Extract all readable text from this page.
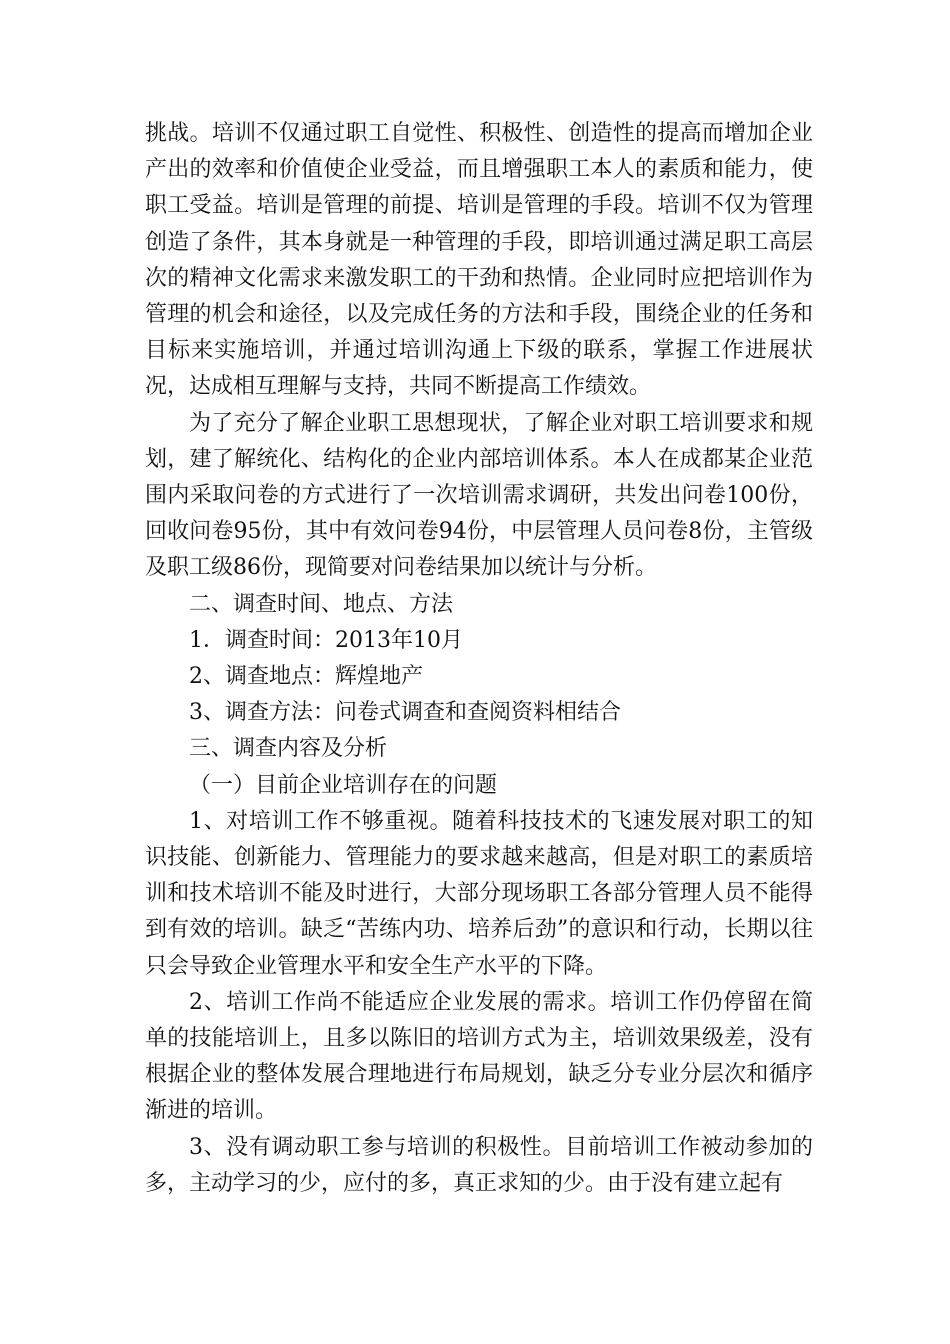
挑战。培训不仅通过职工自觉性、积极性、创造性的提高而增加企业产出的效率和价值使企业受益，而且增强职工本人的素质和能力，使职工受益。培训是管理的前提、培训是管理的手段。培训不仅为管理创造了条件，其本身就是一种管理的手段，即培训通过满足职工高层次的精神文化需求来激发职工的干劲和热情。企业同时应把培训作为管理的机会和途径，以及完成任务的方法和手段，围绕企业的任务和目标来实施培训，并通过培训沟通上下级的联系，掌握工作进展状况，达成相互理解与支持，共同不断提高工作绩效。

为了充分了解企业职工思想现状，了解企业对职工培训要求和规划，建了解统化、结构化的企业内部培训体系。本人在成都某企业范围内采取问卷的方式进行了一次培训需求调研，共发出问卷100份，回收问卷95份，其中有效问卷94份，中层管理人员问卷8份，主管级及职工级86份，现简要对问卷结果加以统计与分析。

二、调查时间、地点、方法

1．调查时间：2013年10月

2、调查地点：辉煌地产

3、调查方法：问卷式调查和查阅资料相结合

三、调查内容及分析

（一）目前企业培训存在的问题

1、对培训工作不够重视。随着科技技术的飞速发展对职工的知识技能、创新能力、管理能力的要求越来越高，但是对职工的素质培训和技术培训不能及时进行，大部分现场职工各部分管理人员不能得到有效的培训。缺乏“苦练内功、培养后劲”的意识和行动，长期以往只会导致企业管理水平和安全生产水平的下降。

2、培训工作尚不能适应企业发展的需求。培训工作仍停留在简单的技能培训上，且多以陈旧的培训方式为主，培训效果级差，没有根据企业的整体发展合理地进行布局规划，缺乏分专业分层次和循序渐进的培训。

3、没有调动职工参与培训的积极性。目前培训工作被动参加的多，主动学习的少，应付的多，真正求知的少。由于没有建立起有
